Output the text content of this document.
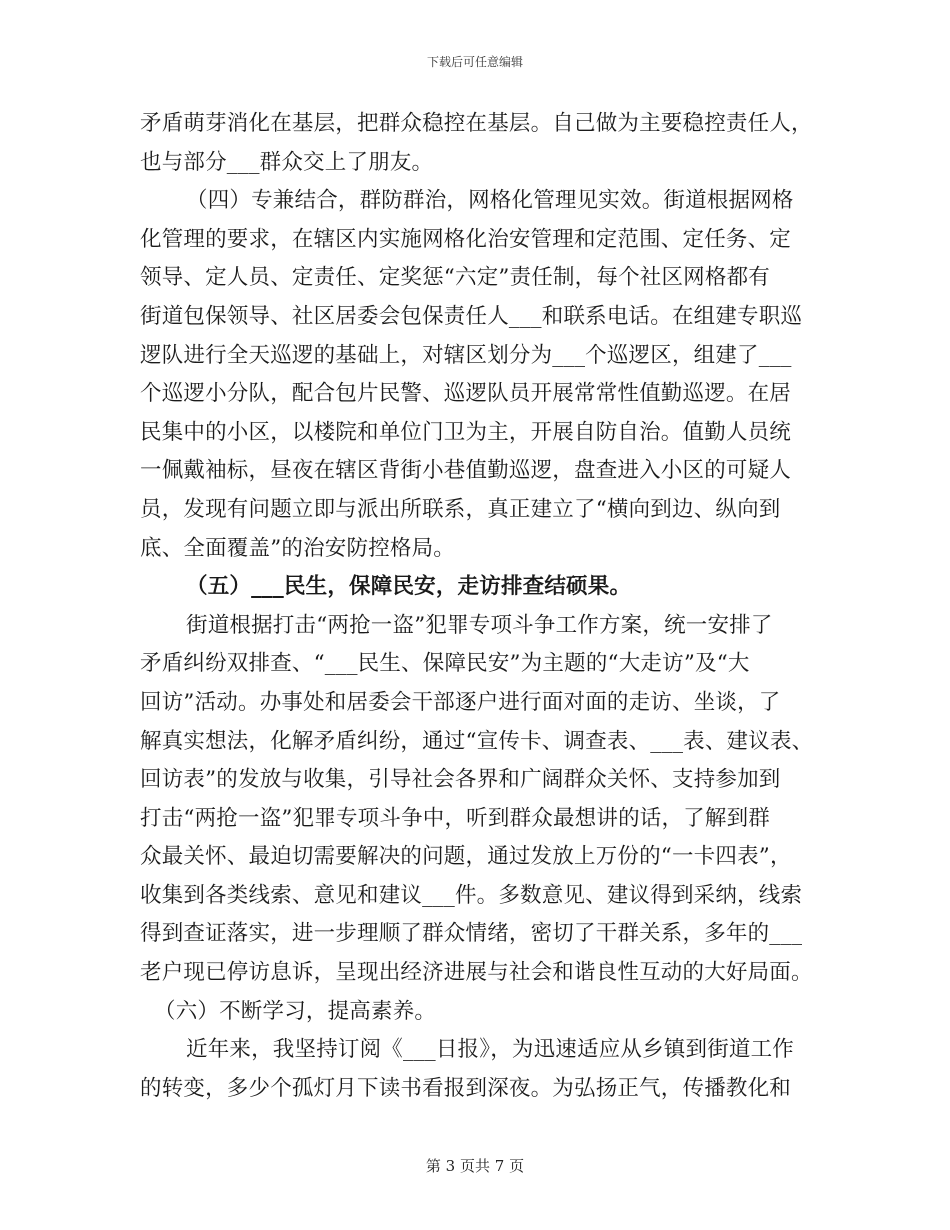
下载后可任意编辑
矛盾萌芽消化在基层，把群众稳控在基层。自己做为主要稳控责任人，
也与部分___群众交上了朋友。
（四）专兼结合，群防群治，网格化管理见实效。街道根据网格
化管理的要求，在辖区内实施网格化治安管理和定范围、定任务、定
领导、定人员、定责任、定奖惩“六定”责任制，每个社区网格都有
街道包保领导、社区居委会包保责任人___和联系电话。在组建专职巡
逻队进行全天巡逻的基础上，对辖区划分为___个巡逻区，组建了___
个巡逻小分队，配合包片民警、巡逻队员开展常常性值勤巡逻。在居
民集中的小区，以楼院和单位门卫为主，开展自防自治。值勤人员统
一佩戴袖标，昼夜在辖区背街小巷值勤巡逻，盘查进入小区的可疑人
员，发现有问题立即与派出所联系，真正建立了“横向到边、纵向到
底、全面覆盖”的治安防控格局。
（五）___民生，保障民安，走访排查结硕果。
街道根据打击“两抢一盗”犯罪专项斗争工作方案，统一安排了
矛盾纠纷双排查、“___民生、保障民安”为主题的“大走访”及“大
回访”活动。办事处和居委会干部逐户进行面对面的走访、坐谈，了
解真实想法，化解矛盾纠纷，通过“宣传卡、调查表、___表、建议表、
回访表”的发放与收集，引导社会各界和广阔群众关怀、支持参加到
打击“两抢一盗”犯罪专项斗争中，听到群众最想讲的话，了解到群
众最关怀、最迫切需要解决的问题，通过发放上万份的“一卡四表”，
收集到各类线索、意见和建议___件。多数意见、建议得到采纳，线索
得到查证落实，进一步理顺了群众情绪，密切了干群关系，多年的___
老户现已停访息诉，呈现出经济进展与社会和谐良性互动的大好局面。
（六）不断学习，提高素养。
近年来，我坚持订阅《___日报》，为迅速适应从乡镇到街道工作
的转变，多少个孤灯月下读书看报到深夜。为弘扬正气，传播教化和
第 3 页共 7 页
